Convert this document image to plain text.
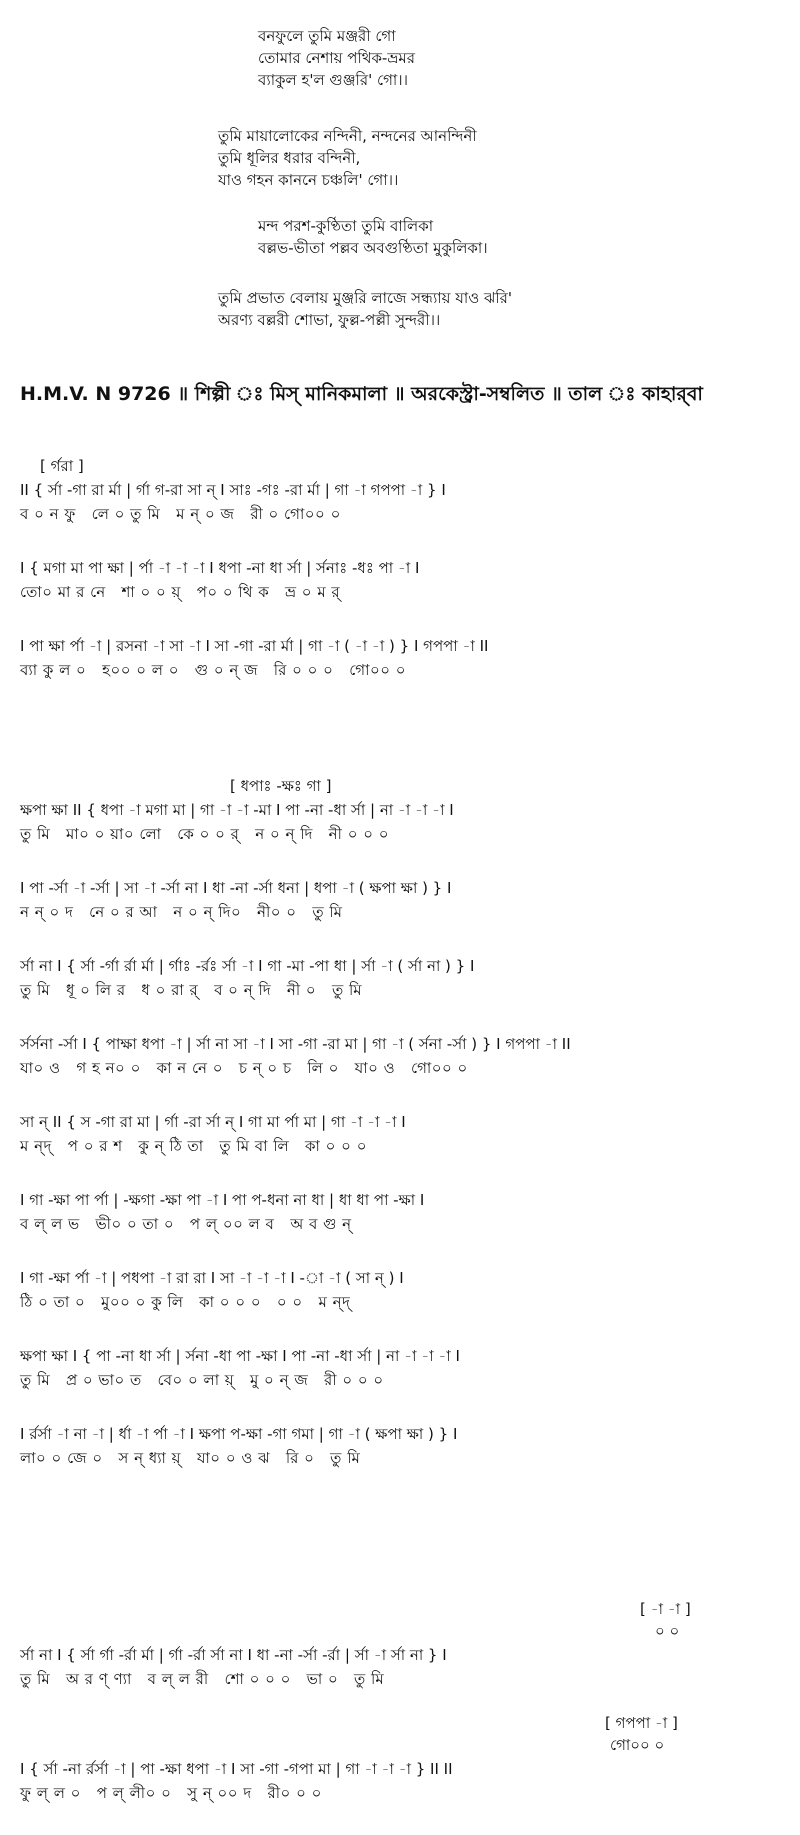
বনফুলে তুমি মঞ্জরী গো
তোমার নেশায় পথিক-ভ্রমর
ব্যাকুল হ'ল গুঞ্জরি' গো।।
তুমি মায়ালোকের নন্দিনী, নন্দনের আনন্দিনী
তুমি ধূলির ধরার বন্দিনী,
যাও গহন কাননে চঞ্চলি' গো।।
মন্দ পরশ-কুণ্ঠিতা তুমি বালিকা
বল্লভ-ভীতা পল্লব অবগুণ্ঠিতা মুকুলিকা।
তুমি প্রভাত বেলায় মুঞ্জরি লাজে সন্ধ্যায় যাও ঝরি'
অরণ্য বল্লরী শোভা, ফুল্ল-পল্লী সুন্দরী।।
H.M.V. N 9726 ॥ শিল্পী ঃ মিস্ মানিকমালা ॥ অরকেস্ট্রা-সম্বলিত ॥ তাল ঃ কাহার্‌বা
[ র্গরা ]
[ ধপাঃ -ক্ষঃ গা ]
[ -া -া ]
০ ০
[ গপপা -া ]
গো০০ ০
II { র্সা -গা রা র্মা | র্গা গ-রা সা ন্‌ I সাঃ -গঃ -রা র্মা | গা -া গপপা -া } I
ব ০ ন ফু   লে ০ তু মি   ম ন্‌ ০ জ   রী ০ গো০০ ০
I { মগা মা পা ক্ষা | র্পা -া -া -া I ধপা -না ধা র্সা | র্সনাঃ -ধঃ পা -া I
তো০ মা র নে   শা ০ ০ য়্‌   প০ ০ থি ক   ভ্র ০ ম র্‌
I পা ক্ষা র্পা -া | রসনা -া সা -া I সা -গা -রা র্মা | গা -া ( -া -া ) } I গপপা -া II
ব্যা কু ল ০   হ০০ ০ ল ০   গু ০ ন্‌ জ   রি ০ ০ ০   গো০০ ০
ক্ষপা ক্ষা II { ধপা -া মগা মা | গা -া -া -মা I পা -না -ধা র্সা | না -া -া -া I
তু মি   মা০ ০ য়া০ লো   কে ০ ০ র্‌   ন ০ ন্‌ দি   নী ০ ০ ০
I পা -র্সা -া -র্সা | সা -া -র্সা না I ধা -না -র্সা ধনা | ধপা -া ( ক্ষপা ক্ষা ) } I
ন ন্‌ ০ দ   নে ০ র আ   ন ০ ন্‌ দি০   নী০ ০   তু মি
র্সা না I { র্সা -র্গা র্রা র্মা | র্গাঃ -র্রঃ র্সা -া I গা -মা -পা ধা | র্সা -া ( র্সা না ) } I
তু মি   ধূ ০ লি র   ধ ০ রা র্‌   ব ০ ন্‌ দি   নী ০   তু মি
র্সর্সনা -র্সা I { পাক্ষা ধপা -া | র্সা না সা -া I সা -গা -রা মা | গা -া ( র্সনা -র্সা ) } I গপপা -া II
যা০ ও   গ হ ন০ ০   কা ন নে ০   চ ন্‌ ০ চ   লি ০   যা০ ও   গো০০ ০
সা ন্‌ II { স -গা রা মা | র্গা -রা র্সা ন্‌ I গা মা র্পা মা | গা -া -া -া I
ম ন্দ্‌   প ০ র শ   কু ন্‌ ঠি তা   তু মি বা লি   কা ০ ০ ০
I গা -ক্ষা পা র্পা | -ক্ষগা -ক্ষা পা -া I পা প-ধনা না ধা | ধা ধা পা -ক্ষা I
ব ল্‌ ল ভ   ভী০ ০ তা ০   প ল্‌ ০০ ল ব   অ ব গু ন্‌
I গা -ক্ষা র্পা -া | পধপা -া রা রা I সা -া -া -া I -া -া ( সা ন্‌ ) I
ঠি ০ তা ০   মু০০ ০ কু লি   কা ০ ০ ০   ০ ০   ম ন্দ্‌
ক্ষপা ক্ষা I { পা -না ধা র্সা | র্সনা -ধা পা -ক্ষা I পা -না -ধা র্সা | না -া -া -া I
তু মি   প্র ০ ভা০ ত   বে০ ০ লা য়্‌   মু ০ ন্‌ জ   রী ০ ০ ০
I র্রর্সা -া না -া | র্ধা -া র্পা -া I ক্ষপা প-ক্ষা -গা গমা | গা -া ( ক্ষপা ক্ষা ) } I
লা০ ০ জে ০   স ন্‌ ধ্যা য়্‌   যা০ ০ ও ঝ   রি ০   তু মি
র্সা না I { র্সা র্গা -র্রা র্মা | র্গা -র্রা র্সা না I ধা -না -র্সা -র্রা | র্সা -া র্সা না } I
তু মি   অ র ণ্‌ ণ্যা   ব ল্‌ ল রী   শো ০ ০ ০   ভা ০   তু মি
I { র্সা -না র্রর্সা -া | পা -ক্ষা ধপা -া I সা -গা -গপা মা | গা -া -া -া } II II
ফু ল্‌ ল ০   প ল্‌ লী০ ০   সু ন্‌ ০০ দ   রী০ ০ ০
